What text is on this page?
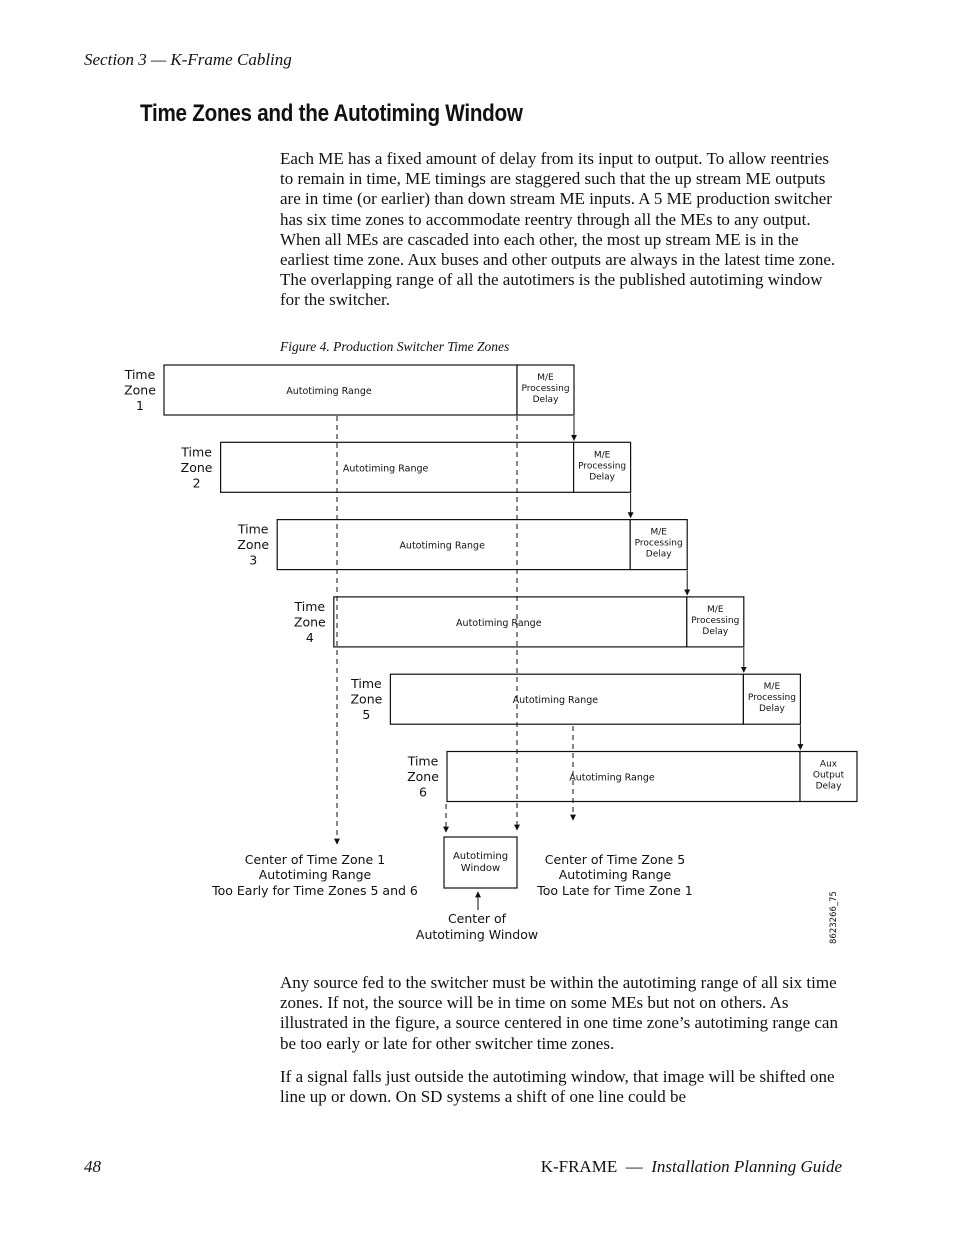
Section 3 — K-Frame Cabling
Time Zones and the Autotiming Window

Each ME has a fixed amount of delay from its input to output. To allow reentries to remain in time, ME timings are staggered such that the up stream ME outputs are in time (or earlier) than down stream ME inputs. A 5 ME production switcher has six time zones to accommodate reentry through all the MEs to any output. When all MEs are cascaded into each other, the most up stream ME is in the earliest time zone. Aux buses and other outputs are always in the latest time zone. The overlapping range of all the autotimers is the published autotiming window for the switcher.

Figure 4. Production Switcher Time Zones
Time
Zone
1
Autotiming Range
M/E
Processing
Delay
Time
Zone
2
Autotiming Range
M/E
Processing
Delay
Time
Zone
3
Autotiming Range
M/E
Processing
Delay
Time
Zone
4
Autotiming Range
M/E
Processing
Delay
Time
Zone
5
Autotiming Range
M/E
Processing
Delay
Time
Zone
6
Autotiming Range
Aux
Output
Delay
Autotiming
Window
Center of Time Zone 1
Autotiming Range
Too Early for Time Zones 5 and 6
Center of Time Zone 5
Autotiming Range
Too Late for Time Zone 1
Center of
Autotiming Window	8623266_75

Any source fed to the switcher must be within the autotiming range of all six time zones. If not, the source will be in time on some MEs but not on others. As illustrated in the figure, a source centered in one time zone’s autotiming range can be too early or late for other switcher time zones.

If a signal falls just outside the autotiming window, that image will be shifted one line up or down. On SD systems a shift of one line could be

48	K-FRAME — Installation Planning Guide
